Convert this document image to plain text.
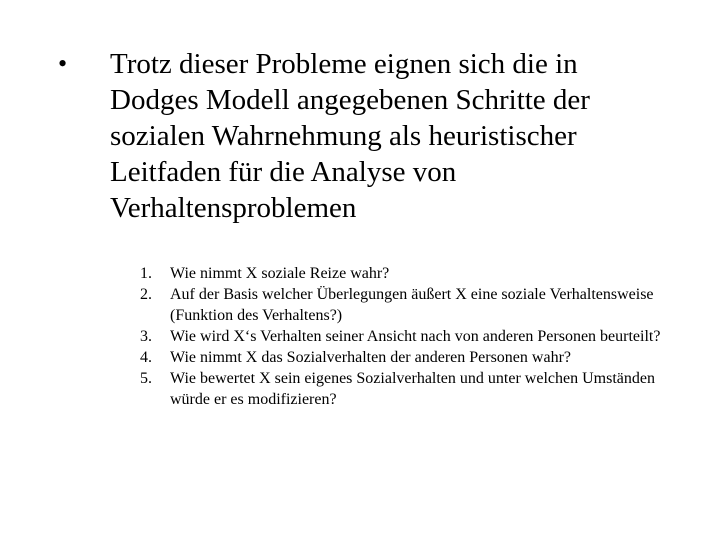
• Trotz dieser Probleme eignen sich die in Dodges Modell angegebenen Schritte der sozialen Wahrnehmung als heuristischer Leitfaden für die Analyse von Verhaltensproblemen
1. Wie nimmt X soziale Reize wahr?
2. Auf der Basis welcher Überlegungen äußert X eine soziale Verhaltensweise (Funktion des Verhaltens?)
3. Wie wird X‘s Verhalten seiner Ansicht nach von anderen Personen beurteilt?
4. Wie nimmt X das Sozialverhalten der anderen Personen wahr?
5. Wie bewertet X sein eigenes Sozialverhalten und unter welchen Umständen würde er es modifizieren?
